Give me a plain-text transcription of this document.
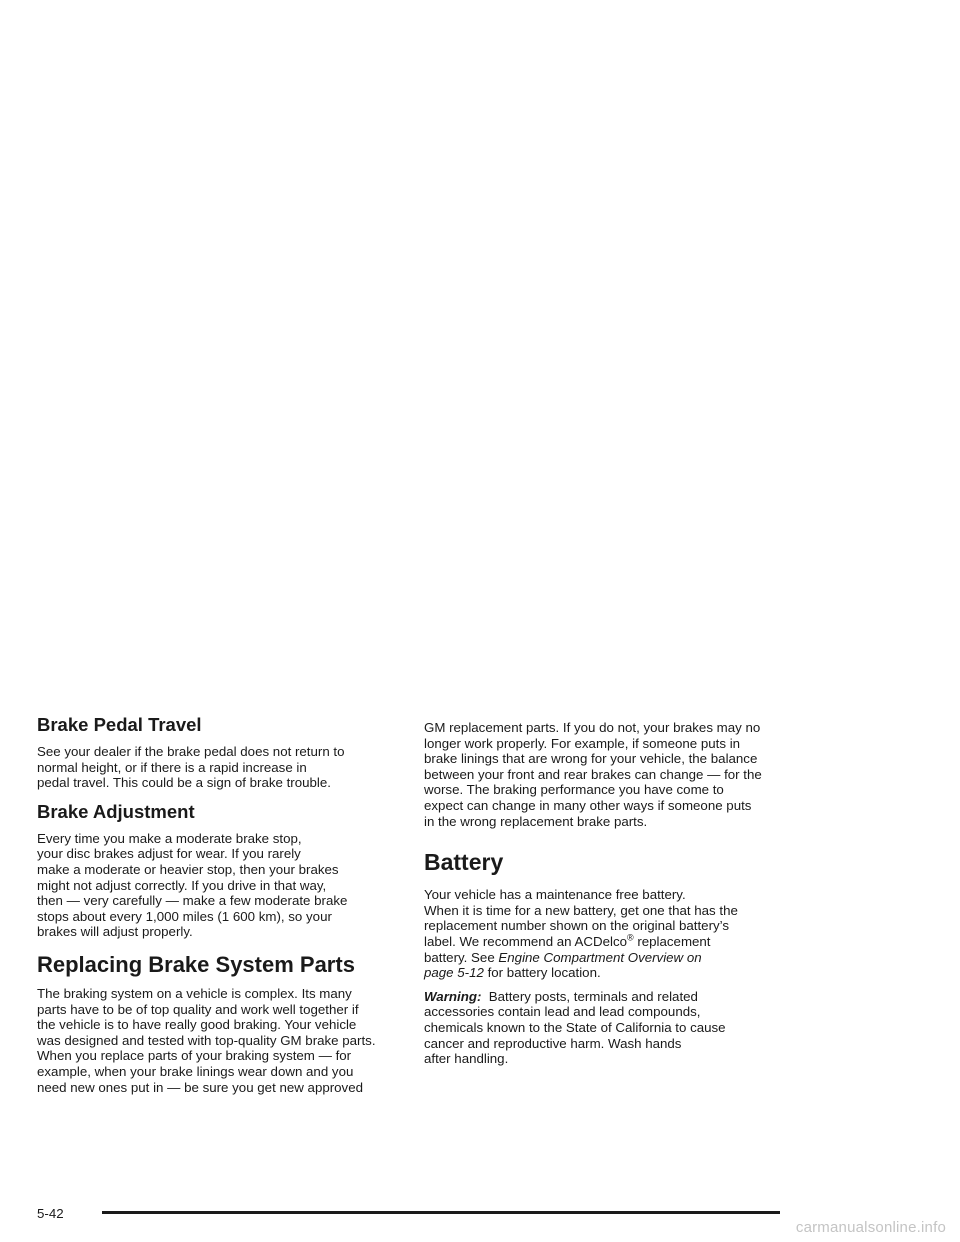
Brake Pedal Travel

See your dealer if the brake pedal does not return to
normal height, or if there is a rapid increase in
pedal travel. This could be a sign of brake trouble.

Brake Adjustment

Every time you make a moderate brake stop,
your disc brakes adjust for wear. If you rarely
make a moderate or heavier stop, then your brakes
might not adjust correctly. If you drive in that way,
then — very carefully — make a few moderate brake
stops about every 1,000 miles (1 600 km), so your
brakes will adjust properly.

Replacing Brake System Parts

The braking system on a vehicle is complex. Its many
parts have to be of top quality and work well together if
the vehicle is to have really good braking. Your vehicle
was designed and tested with top-quality GM brake parts.
When you replace parts of your braking system — for
example, when your brake linings wear down and you
need new ones put in — be sure you get new approved

GM replacement parts. If you do not, your brakes may no
longer work properly. For example, if someone puts in
brake linings that are wrong for your vehicle, the balance
between your front and rear brakes can change — for the
worse. The braking performance you have come to
expect can change in many other ways if someone puts
in the wrong replacement brake parts.

Battery

Your vehicle has a maintenance free battery.
When it is time for a new battery, get one that has the
replacement number shown on the original battery’s
label. We recommend an ACDelco® replacement
battery. See Engine Compartment Overview on
page 5-12 for battery location.

Warning: Battery posts, terminals and related
accessories contain lead and lead compounds,
chemicals known to the State of California to cause
cancer and reproductive harm. Wash hands
after handling.

5-42
carmanualsonline.info
